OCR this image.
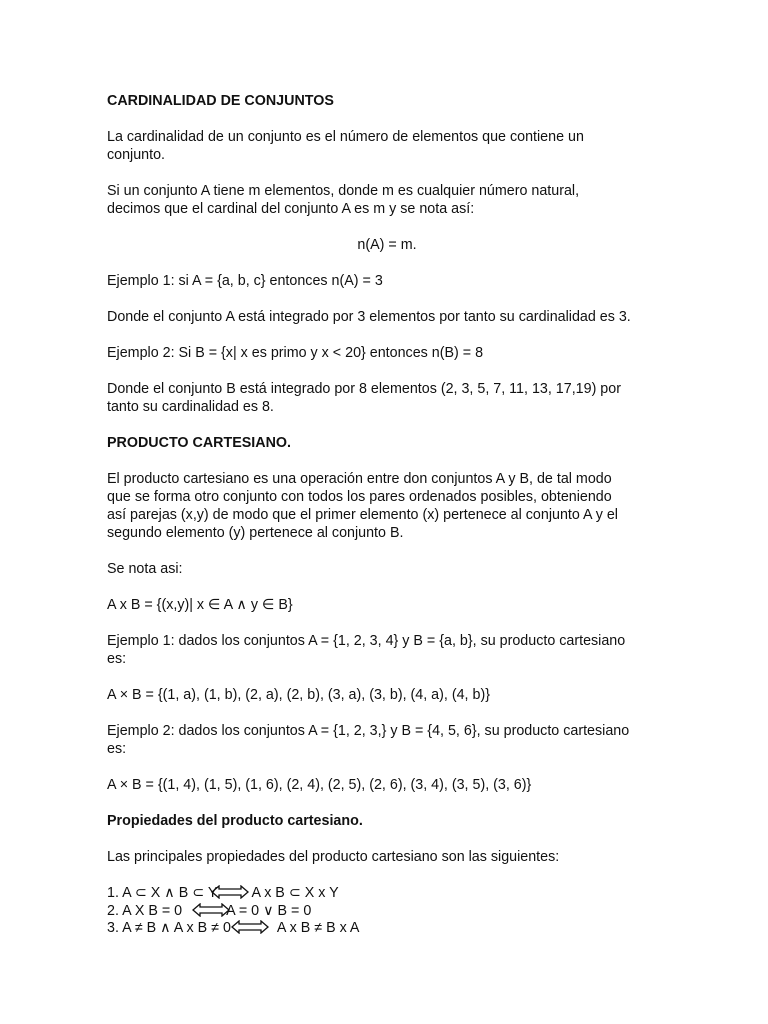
CARDINALIDAD DE CONJUNTOS
La cardinalidad de un conjunto es el número de elementos que contiene un
conjunto.
Si un conjunto A tiene m elementos, donde m es cualquier número natural,
decimos que el cardinal del conjunto A es m y se nota así:
n(A) = m.
Ejemplo 1: si A = {a, b, c} entonces n(A) = 3
Donde el conjunto A está integrado por 3 elementos por tanto su cardinalidad es 3.
Ejemplo 2: Si B = {x| x es primo y x < 20} entonces n(B) = 8
Donde el conjunto B está integrado por 8 elementos (2, 3, 5, 7, 11, 13, 17,19) por
tanto su cardinalidad es 8.
PRODUCTO CARTESIANO.
El producto cartesiano es una operación entre don conjuntos A y B, de tal modo
que se forma otro conjunto con todos los pares ordenados posibles, obteniendo
así parejas (x,y) de modo que el primer elemento (x) pertenece al conjunto A y el
segundo elemento (y) pertenece al conjunto B.
Se nota asi:
A x B = {(x,y)| x ∈ A ∧ y ∈ B}
Ejemplo 1: dados los conjuntos A = {1, 2, 3, 4} y B = {a, b}, su producto cartesiano
es:
A × B = {(1, a), (1, b), (2, a), (2, b), (3, a), (3, b), (4, a), (4, b)}
Ejemplo 2: dados los conjuntos A = {1, 2, 3,} y B = {4, 5, 6}, su producto cartesiano
es:
A × B = {(1, 4), (1, 5), (1, 6), (2, 4), (2, 5), (2, 6), (3, 4), (3, 5), (3, 6)}
Propiedades del producto cartesiano.
Las principales propiedades del producto cartesiano son las siguientes:
1. A ⊂ X ∧ B ⊂ Y A x B ⊂ X x Y
2. A X B = 0	A = 0 ∨ B = 0
3. A ≠ B ∧ A x B ≠ 0	A x B ≠ B x A
